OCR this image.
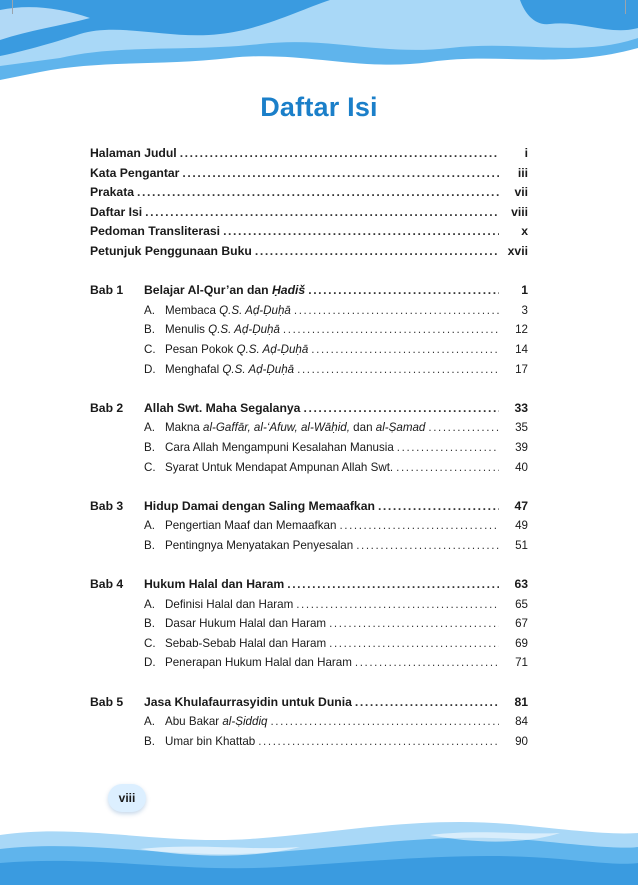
Daftar Isi
Halaman Judul .....	i
Kata Pengantar .....	iii
Prakata .....	vii
Daftar Isi .....	viii
Pedoman Transliterasi .....	x
Petunjuk Penggunaan Buku .....	xvii
Bab 1	Belajar Al-Qur’an dan Ḥadiš .....	1
A. Membaca Q.S. Aḍ-Ḍuḥā .....	3
B. Menulis Q.S. Aḍ-Ḍuḥā .....	12
C. Pesan Pokok Q.S. Aḍ-Ḍuḥā .....	14
D. Menghafal Q.S. Aḍ-Ḍuḥā .....	17
Bab 2	Allah Swt. Maha Segalanya .....	33
A. Makna al-Gaffār, al-‘Afuw, al-Wāḥid, dan al-Ṣamad .....	35
B. Cara Allah Mengampuni Kesalahan Manusia .....	39
C. Syarat Untuk Mendapat Ampunan Allah Swt. .....	40
Bab 3	Hidup Damai dengan Saling Memaafkan .....	47
A. Pengertian Maaf dan Memaafkan .....	49
B. Pentingnya Menyatakan Penyesalan .....	51
Bab 4	Hukum Halal dan Haram .....	63
A. Definisi Halal dan Haram .....	65
B. Dasar Hukum Halal dan Haram .....	67
C. Sebab-Sebab Halal dan Haram .....	69
D. Penerapan Hukum Halal dan Haram .....	71
Bab 5	Jasa Khulafaurrasyidin untuk Dunia .....	81
A. Abu Bakar al-Ṣiddiq .....	84
B. Umar bin Khattab .....	90
viii
